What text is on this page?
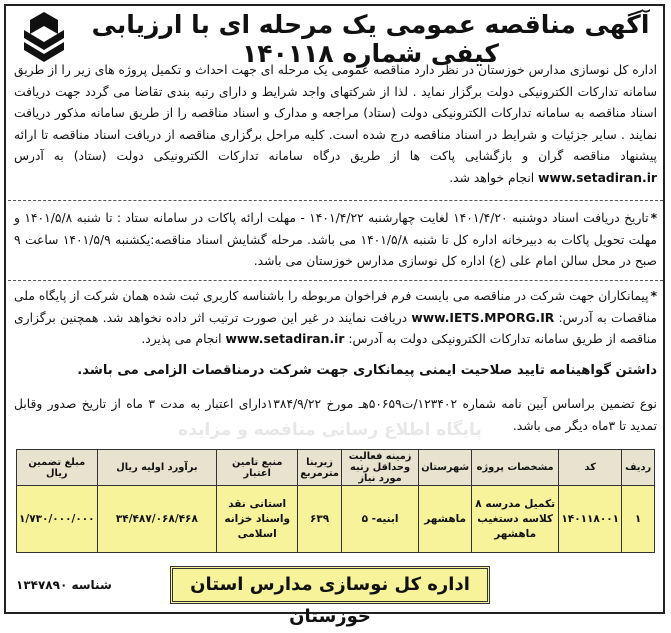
آگهی مناقصه عمومی یک مرحله ای با ارزیابی کیفی شماره ۱۴۰۱۱۸
اداره کل نوسازی مدارس خوزستان در نظر دارد مناقصه عمومی یک مرحله ای جهت احداث و تکمیل پروژه های زیر را از طریق سامانه تدارکات الکترونیکی دولت برگزار نماید . لذا از شرکتهای واجد شرایط و دارای رتبه بندی تقاضا می گردد جهت دریافت اسناد مناقصه به سامانه تدارکات الکترونیکی دولت (ستاد) مراجعه و مدارک و اسناد مناقصه را از طریق سامانه مذکور دریافت نمایند . سایر جزئیات و شرایط در اسناد مناقصه درج شده است. کلیه مراحل برگزاری مناقصه از دریافت اسناد مناقصه تا ارائه پیشنهاد مناقصه گران و بازگشایی پاکت ها از طریق درگاه سامانه تدارکات الکترونیکی دولت (ستاد) به آدرس www.setadiran.ir انجام خواهد شد.
*تاریخ دریافت اسناد دوشنبه ۱۴۰۱/۴/۲۰ لغایت چهارشنبه ۱۴۰۱/۴/۲۲ - مهلت ارائه پاکات در سامانه ستاد : تا شنبه ۱۴۰۱/۵/۸ و مهلت تحویل پاکات به دبیرخانه اداره کل تا شنبه ۱۴۰۱/۵/۸ می باشد. مرحله گشایش اسناد مناقصه:یکشنبه ۱۴۰۱/۵/۹ ساعت ۹ صبح در محل سالن امام علی (ع) اداره کل نوسازی مدارس خوزستان می باشد.
*پیمانکاران جهت شرکت در مناقصه می بایست فرم فراخوان مربوطه را باشناسه کاربری ثبت شده همان شرکت از پایگاه ملی مناقصات به آدرس: www.IETS.MPORG.IR دریافت نمایند در غیر این صورت ترتیب اثر داده نخواهد شد. همچنین برگزاری مناقصه از طریق سامانه تدارکات الکترونیکی دولت به آدرس: www.setadiran.ir انجام می پذیرد.
داشتن گواهینامه تایید صلاحیت ایمنی پیمانکاری جهت شرکت درمناقصات الزامی می باشد.
نوع تضمین براساس آیین نامه شماره ۱۲۳۴۰۲/ت۵۰۶۵۹هـ مورخ ۱۳۸۴/۹/۲۲دارای اعتبار به مدت ۳ ماه از تاریخ صدور وقابل تمدید تا ۳ماه دیگر می باشد.
ردیف	کد	مشخصات پروژه	شهرستان	زمینه فعالیت وحداقل رتبه مورد نیاز	زیربنا مترمربع	منبع تامین اعتبار	برآورد اولیه ریال	مبلغ تضمین ریال
۱	۱۴۰۱۱۸۰۰۱	تکمیل مدرسه ۸ کلاسه دستغیب ماهشهر	ماهشهر	ابنیه- ۵	۶۳۹	استانی نقد واسناد خزانه اسلامی	۳۴/۴۸۷/۰۶۸/۴۶۸	۱/۷۳۰/۰۰۰/۰۰۰
اداره کل نوسازی مدارس استان خوزستان
شناسه ۱۳۴۷۸۹۰
